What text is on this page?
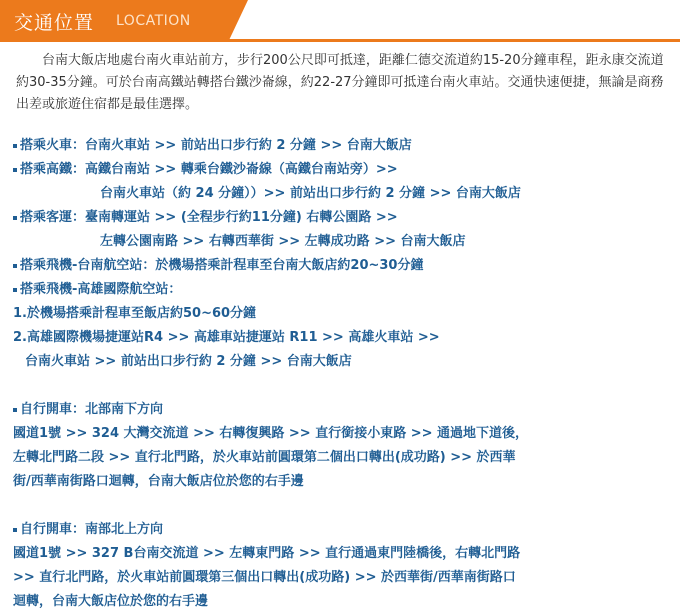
交通位置 LOCATION

台南大飯店地處台南火車站前方，步行200公尺即可抵達，距離仁德交流道約15-20分鐘車程，距永康交流道約30-35分鐘。可於台南高鐵站轉搭台鐵沙崙線，約22-27分鐘即可抵達台南火車站。交通快速便捷，無論是商務出差或旅遊住宿都是最佳選擇。

搭乘火車：台南火車站 >> 前站出口步行約 2 分鐘 >> 台南大飯店
搭乘高鐵：高鐵台南站 >> 轉乘台鐵沙崙線（高鐵台南站旁）>>
台南火車站（約 24 分鐘））>> 前站出口步行約 2 分鐘 >> 台南大飯店
搭乘客運：臺南轉運站 >> (全程步行約11分鐘) 右轉公園路 >>
左轉公園南路 >> 右轉西華街 >> 左轉成功路 >> 台南大飯店
搭乘飛機-台南航空站：於機場搭乘計程車至台南大飯店約20~30分鐘
搭乘飛機-高雄國際航空站：
1.於機場搭乘計程車至飯店約50~60分鐘
2.高雄國際機場捷運站R4 >> 高雄車站捷運站 R11 >> 高雄火車站 >>
台南火車站 >> 前站出口步行約 2 分鐘 >> 台南大飯店
自行開車：北部南下方向
國道1號 >> 324 大灣交流道 >> 右轉復興路 >> 直行銜接小東路 >> 通過地下道後，
左轉北門路二段 >> 直行北門路，於火車站前圓環第二個出口轉出(成功路) >> 於西華
街/西華南街路口迴轉，台南大飯店位於您的右手邊
自行開車：南部北上方向
國道1號 >> 327 B台南交流道 >> 左轉東門路 >> 直行通過東門陸橋後，右轉北門路
>> 直行北門路，於火車站前圓環第三個出口轉出(成功路) >> 於西華街/西華南街路口
迴轉，台南大飯店位於您的右手邊
